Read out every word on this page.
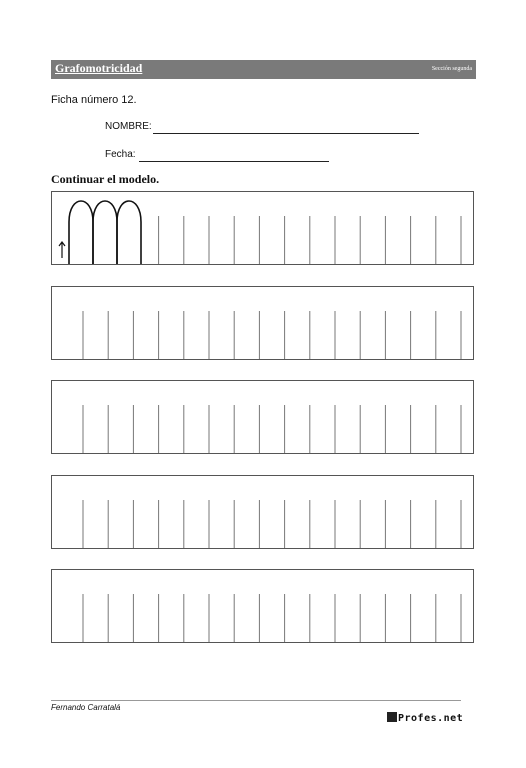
Grafomotricidad	Sección segunda
Ficha número 12.
NOMBRE:
Fecha:
Continuar el modelo.
Fernando Carratalá
Profes.net
